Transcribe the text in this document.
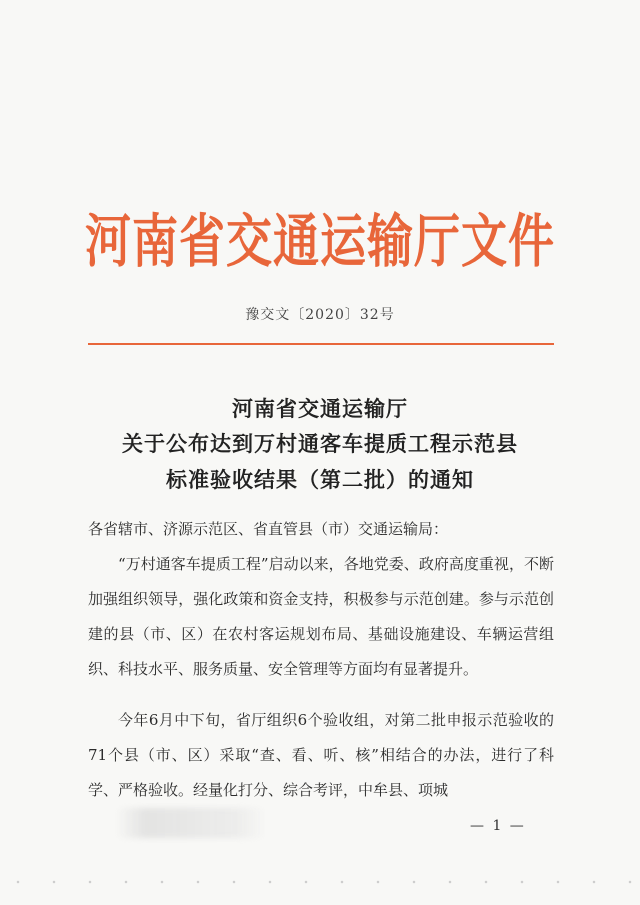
河南省交通运输厅文件
豫交文〔2020〕32号
河南省交通运输厅
关于公布达到万村通客车提质工程示范县
标准验收结果（第二批）的通知
各省辖市、济源示范区、省直管县（市）交通运输局：
“万村通客车提质工程”启动以来，各地党委、政府高度重视，不断加强组织领导，强化政策和资金支持，积极参与示范创建。参与示范创建的县（市、区）在农村客运规划布局、基础设施建设、车辆运营组织、科技水平、服务质量、安全管理等方面均有显著提升。
今年6月中下旬，省厅组织6个验收组，对第二批申报示范验收的71个县（市、区）采取“查、看、听、核”相结合的办法，进行了科学、严格验收。经量化打分、综合考评，中牟县、项城
— 1 —
